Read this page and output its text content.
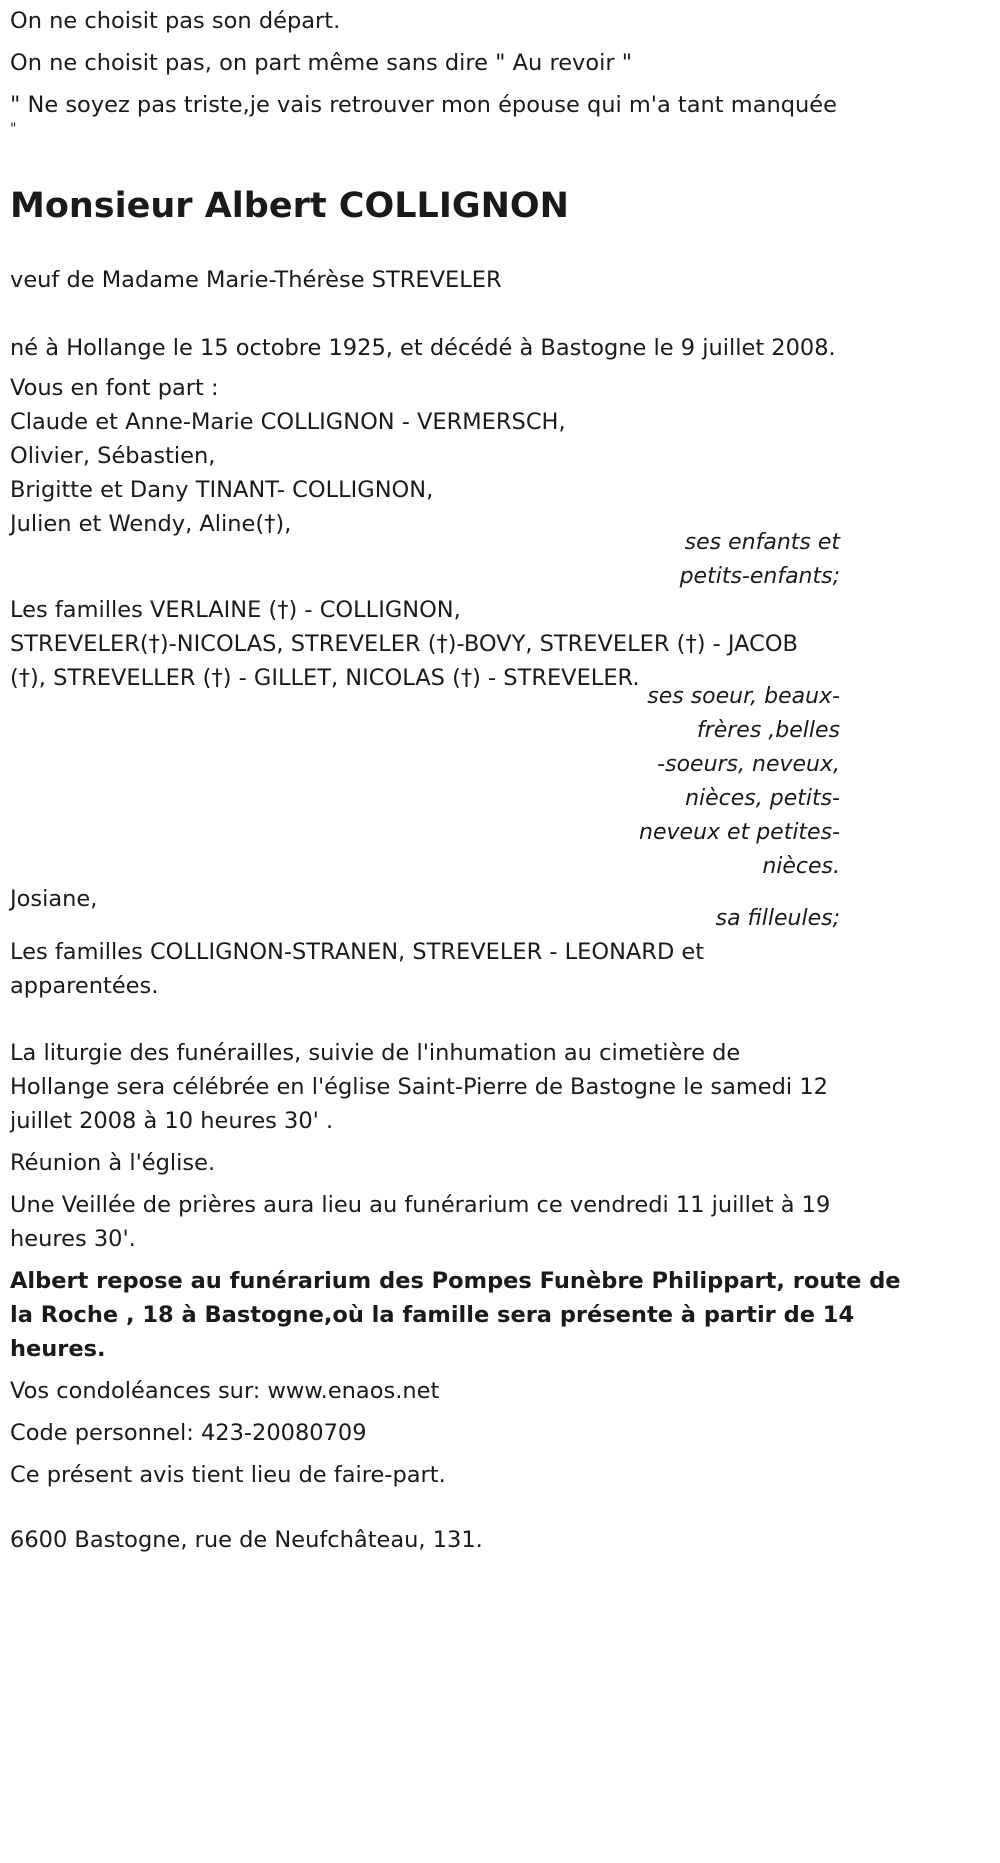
On ne choisit pas son départ.
On ne choisit pas, on part même sans dire " Au revoir "
" Ne soyez pas triste,je vais retrouver mon épouse qui m'a tant manquée
"
Monsieur Albert COLLIGNON
veuf de Madame Marie-Thérèse STREVELER
né à Hollange le 15 octobre 1925, et décédé à Bastogne le 9 juillet 2008.
Vous en font part :
Claude et Anne-Marie COLLIGNON - VERMERSCH,
Olivier, Sébastien,
Brigitte et Dany TINANT- COLLIGNON,
Julien et Wendy, Aline(†),
ses enfants et
petits-enfants;
Les familles VERLAINE (†) - COLLIGNON,
STREVELER(†)-NICOLAS, STREVELER (†)-BOVY, STREVELER (†) - JACOB
(†), STREVELLER (†) - GILLET, NICOLAS (†) - STREVELER.
ses soeur, beaux-
frères ,belles
-soeurs, neveux,
nièces, petits-
neveux et petites-
nièces.
Josiane,
sa filleules;
Les familles COLLIGNON-STRANEN, STREVELER - LEONARD et
apparentées.
La liturgie des funérailles, suivie de l'inhumation au cimetière de
Hollange sera célébrée en l'église Saint-Pierre de Bastogne le samedi 12
juillet 2008 à 10 heures 30' .
Réunion à l'église.
Une Veillée de prières aura lieu au funérarium ce vendredi 11 juillet à 19
heures 30'.
Albert repose au funérarium des Pompes Funèbre Philippart, route de
la Roche , 18 à Bastogne,où la famille sera présente à partir de 14
heures.
Vos condoléances sur: www.enaos.net
Code personnel: 423-20080709
Ce présent avis tient lieu de faire-part.
6600 Bastogne, rue de Neufchâteau, 131.
